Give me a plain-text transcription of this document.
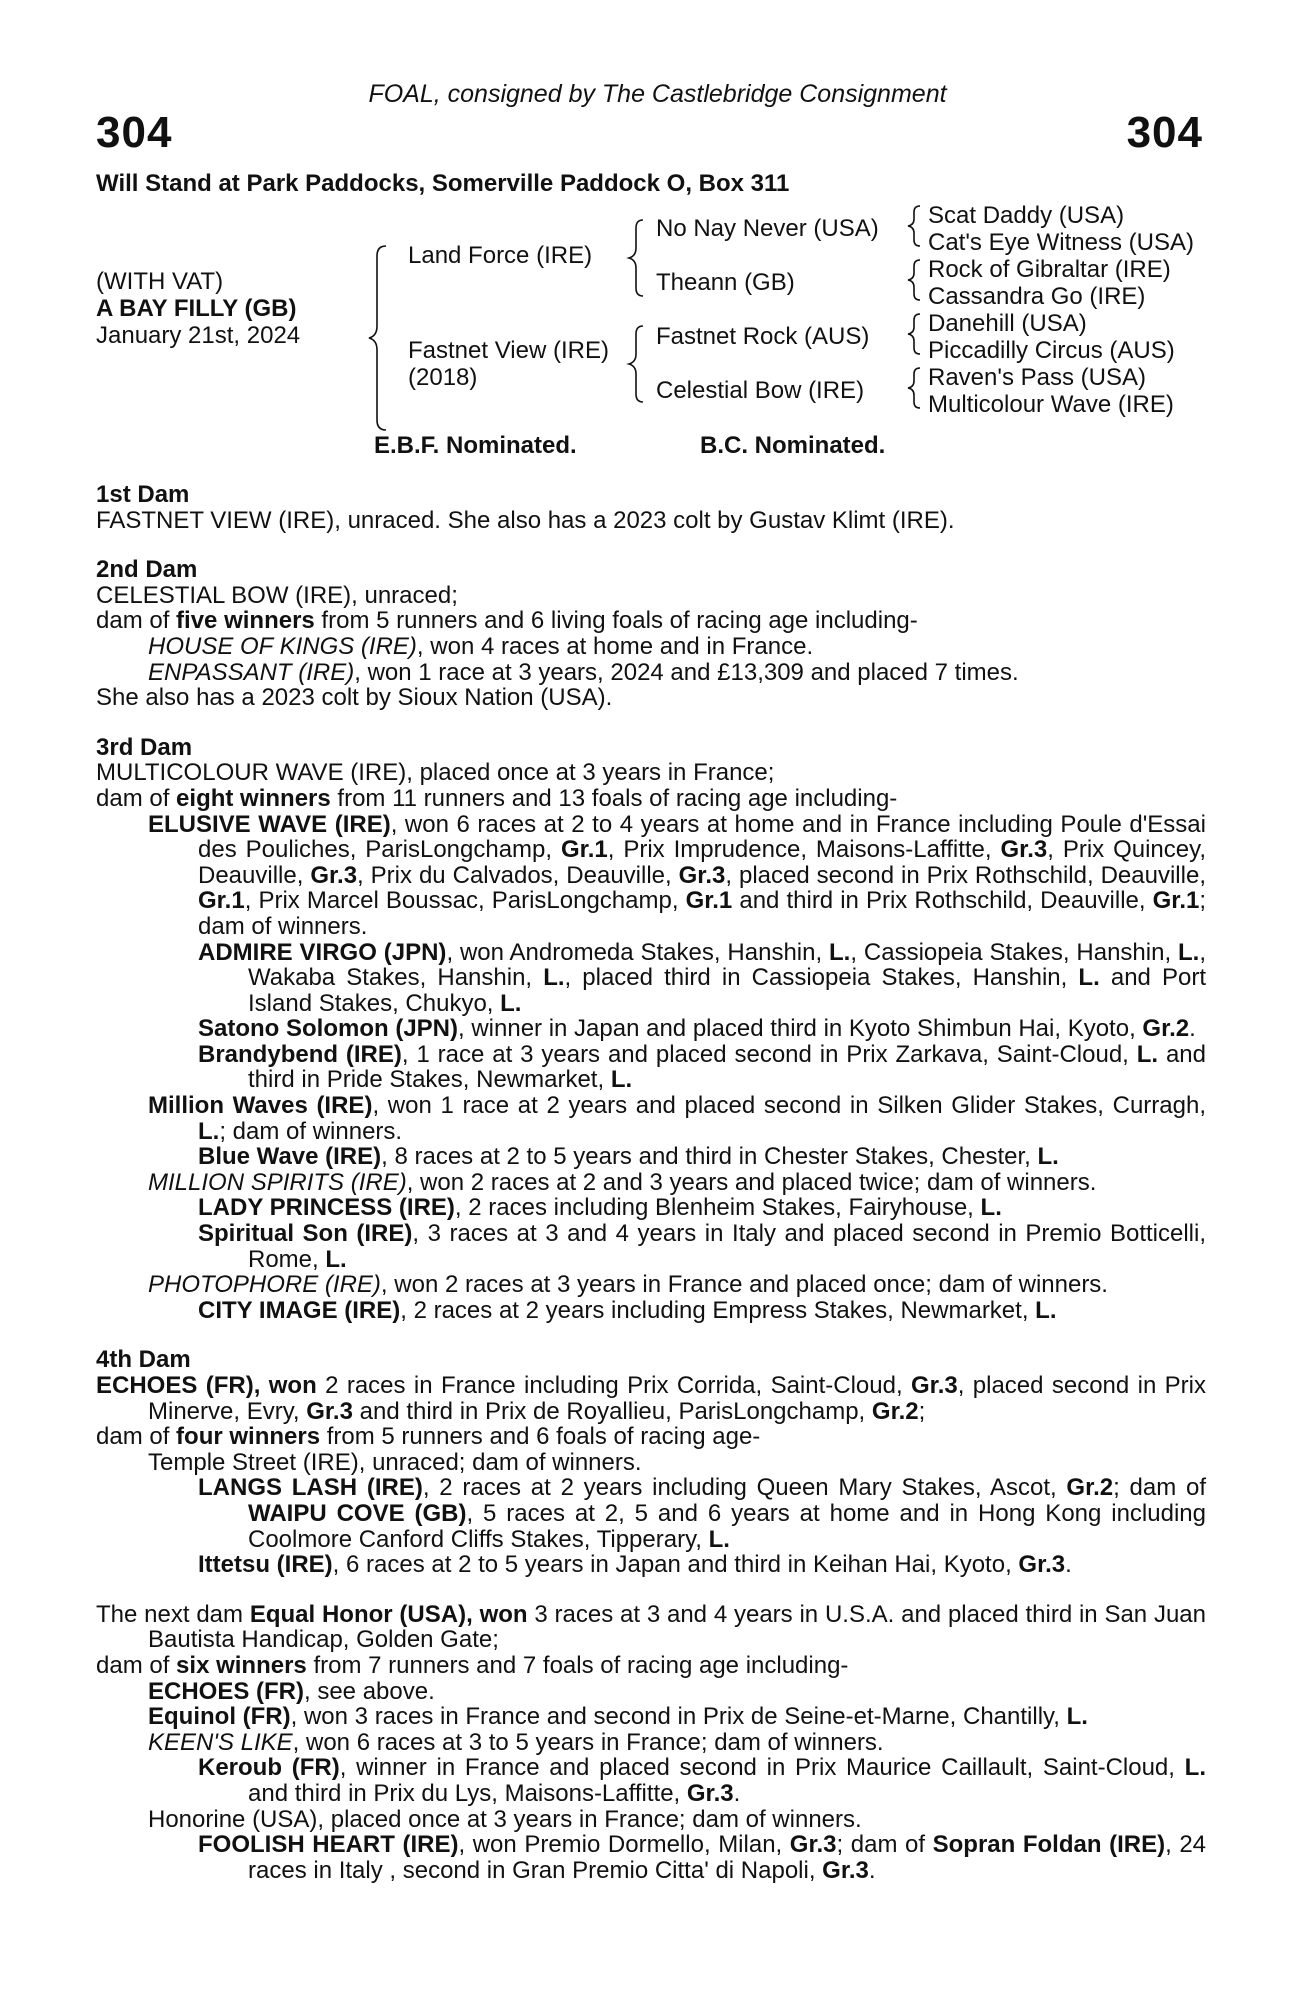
FOAL, consigned by The Castlebridge Consignment
304	304
Will Stand at Park Paddocks, Somerville Paddock O, Box 311
(WITH VAT)
A BAY FILLY (GB)
January 21st, 2024
Land Force (IRE)
Fastnet View (IRE)
(2018)
No Nay Never (USA)
Theann (GB)
Fastnet Rock (AUS)
Celestial Bow (IRE)
Scat Daddy (USA)
Cat's Eye Witness (USA)
Rock of Gibraltar (IRE)
Cassandra Go (IRE)
Danehill (USA)
Piccadilly Circus (AUS)
Raven's Pass (USA)
Multicolour Wave (IRE)
E.B.F. Nominated.	B.C. Nominated.
1st Dam
FASTNET VIEW (IRE), unraced. She also has a 2023 colt by Gustav Klimt (IRE).
2nd Dam
CELESTIAL BOW (IRE), unraced;
dam of five winners from 5 runners and 6 living foals of racing age including-
HOUSE OF KINGS (IRE), won 4 races at home and in France.
ENPASSANT (IRE), won 1 race at 3 years, 2024 and £13,309 and placed 7 times.
She also has a 2023 colt by Sioux Nation (USA).
3rd Dam
MULTICOLOUR WAVE (IRE), placed once at 3 years in France;
dam of eight winners from 11 runners and 13 foals of racing age including-
ELUSIVE WAVE (IRE), won 6 races at 2 to 4 years at home and in France including Poule d'Essai des Pouliches, ParisLongchamp, Gr.1, Prix Imprudence, Maisons-Laffitte, Gr.3, Prix Quincey, Deauville, Gr.3, Prix du Calvados, Deauville, Gr.3, placed second in Prix Rothschild, Deauville, Gr.1, Prix Marcel Boussac, ParisLongchamp, Gr.1 and third in Prix Rothschild, Deauville, Gr.1; dam of winners.
ADMIRE VIRGO (JPN), won Andromeda Stakes, Hanshin, L., Cassiopeia Stakes, Hanshin, L., Wakaba Stakes, Hanshin, L., placed third in Cassiopeia Stakes, Hanshin, L. and Port Island Stakes, Chukyo, L.
Satono Solomon (JPN), winner in Japan and placed third in Kyoto Shimbun Hai, Kyoto, Gr.2.
Brandybend (IRE), 1 race at 3 years and placed second in Prix Zarkava, Saint-Cloud, L. and third in Pride Stakes, Newmarket, L.
Million Waves (IRE), won 1 race at 2 years and placed second in Silken Glider Stakes, Curragh, L.; dam of winners.
Blue Wave (IRE), 8 races at 2 to 5 years and third in Chester Stakes, Chester, L.
MILLION SPIRITS (IRE), won 2 races at 2 and 3 years and placed twice; dam of winners.
LADY PRINCESS (IRE), 2 races including Blenheim Stakes, Fairyhouse, L.
Spiritual Son (IRE), 3 races at 3 and 4 years in Italy and placed second in Premio Botticelli, Rome, L.
PHOTOPHORE (IRE), won 2 races at 3 years in France and placed once; dam of winners.
CITY IMAGE (IRE), 2 races at 2 years including Empress Stakes, Newmarket, L.
4th Dam
ECHOES (FR), won 2 races in France including Prix Corrida, Saint-Cloud, Gr.3, placed second in Prix Minerve, Evry, Gr.3 and third in Prix de Royallieu, ParisLongchamp, Gr.2;
dam of four winners from 5 runners and 6 foals of racing age-
Temple Street (IRE), unraced; dam of winners.
LANGS LASH (IRE), 2 races at 2 years including Queen Mary Stakes, Ascot, Gr.2; dam of WAIPU COVE (GB), 5 races at 2, 5 and 6 years at home and in Hong Kong including Coolmore Canford Cliffs Stakes, Tipperary, L.
Ittetsu (IRE), 6 races at 2 to 5 years in Japan and third in Keihan Hai, Kyoto, Gr.3.
The next dam Equal Honor (USA), won 3 races at 3 and 4 years in U.S.A. and placed third in San Juan Bautista Handicap, Golden Gate;
dam of six winners from 7 runners and 7 foals of racing age including-
ECHOES (FR), see above.
Equinol (FR), won 3 races in France and second in Prix de Seine-et-Marne, Chantilly, L.
KEEN'S LIKE, won 6 races at 3 to 5 years in France; dam of winners.
Keroub (FR), winner in France and placed second in Prix Maurice Caillault, Saint-Cloud, L. and third in Prix du Lys, Maisons-Laffitte, Gr.3.
Honorine (USA), placed once at 3 years in France; dam of winners.
FOOLISH HEART (IRE), won Premio Dormello, Milan, Gr.3; dam of Sopran Foldan (IRE), 24 races in Italy , second in Gran Premio Citta' di Napoli, Gr.3.
